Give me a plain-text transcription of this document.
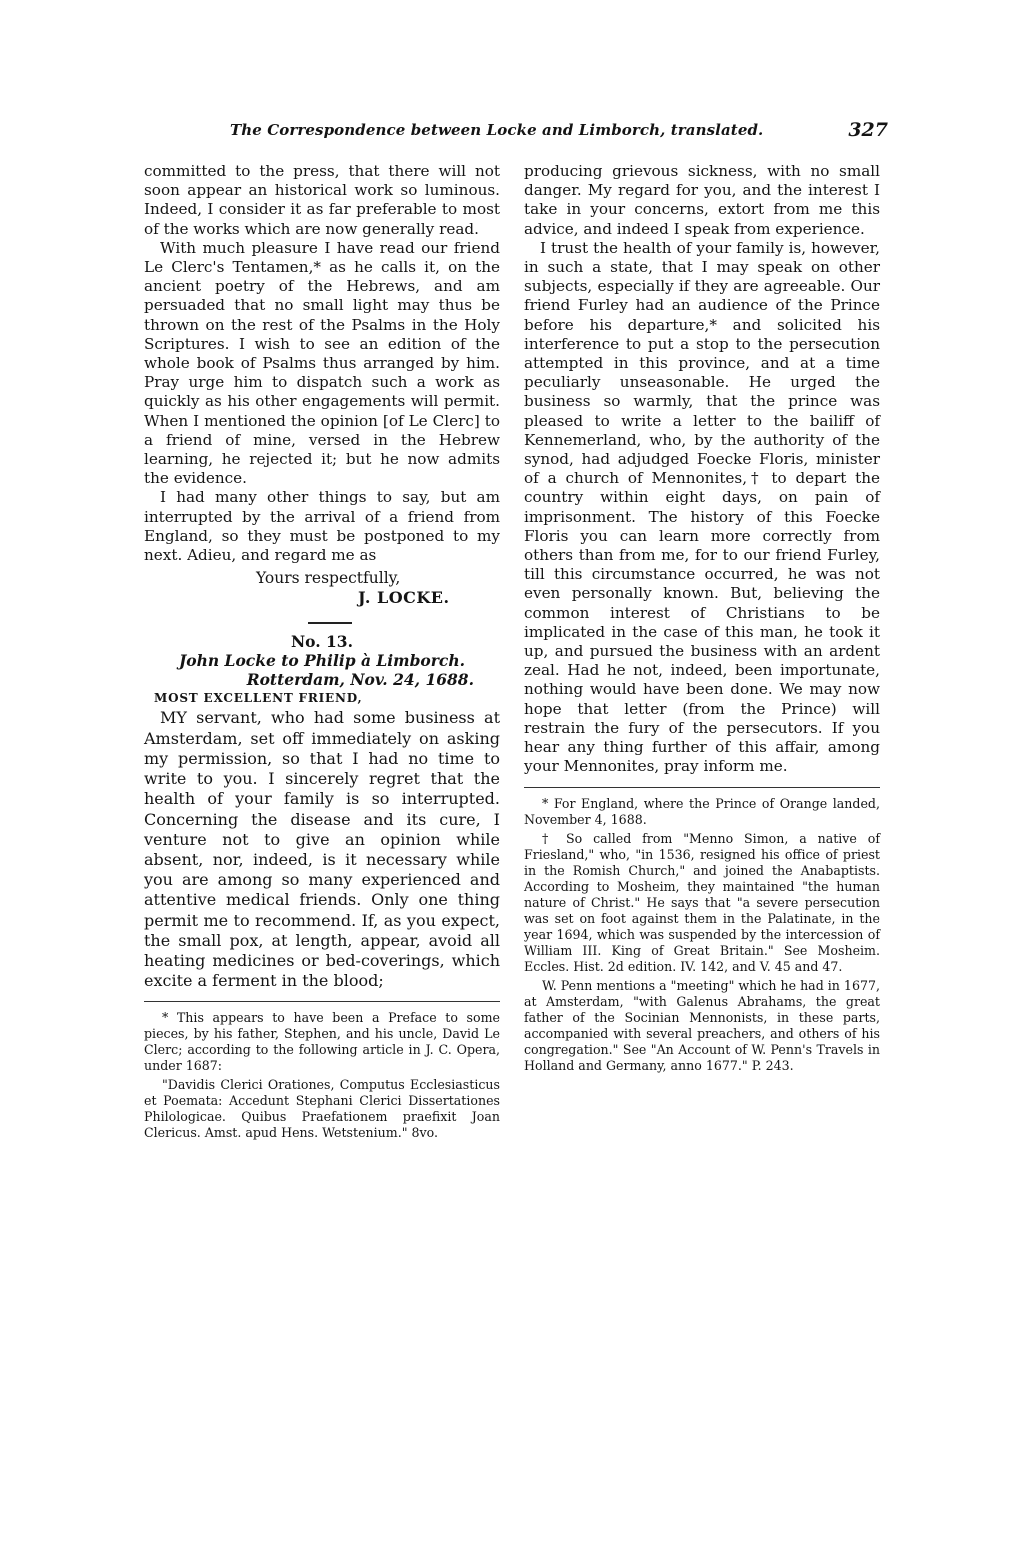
The Correspondence between Locke and Limborch, translated.	327

committed to the press, that there will not soon appear an historical work so luminous. Indeed, I consider it as far preferable to most of the works which are now generally read.

With much pleasure I have read our friend Le Clerc's Tentamen,* as he calls it, on the ancient poetry of the Hebrews, and am persuaded that no small light may thus be thrown on the rest of the Psalms in the Holy Scriptures. I wish to see an edition of the whole book of Psalms thus arranged by him. Pray urge him to dispatch such a work as quickly as his other engagements will permit. When I mentioned the opinion [of Le Clerc] to a friend of mine, versed in the Hebrew learning, he rejected it; but he now admits the evidence.

I had many other things to say, but am interrupted by the arrival of a friend from England, so they must be postponed to my next. Adieu, and regard me as

Yours respectfully,

J. LOCKE.

No. 13.

John Locke to Philip à Limborch.

Rotterdam, Nov. 24, 1688.

MOST EXCELLENT FRIEND,

MY servant, who had some business at Amsterdam, set off immediately on asking my permission, so that I had no time to write to you. I sincerely regret that the health of your family is so interrupted. Concerning the disease and its cure, I venture not to give an opinion while absent, nor, indeed, is it necessary while you are among so many experienced and attentive medical friends. Only one thing permit me to recommend. If, as you expect, the small pox, at length, appear, avoid all heating medicines or bed-coverings, which excite a ferment in the blood;

* This appears to have been a Preface to some pieces, by his father, Stephen, and his uncle, David Le Clerc; according to the following article in J. C. Opera, under 1687:

"Davidis Clerici Orationes, Computus Ecclesiasticus et Poemata: Accedunt Stephani Clerici Dissertationes Philologicae. Quibus Praefationem praefixit Joan Clericus. Amst. apud Hens. Wetstenium." 8vo.

producing grievous sickness, with no small danger. My regard for you, and the interest I take in your concerns, extort from me this advice, and indeed I speak from experience.

I trust the health of your family is, however, in such a state, that I may speak on other subjects, especially if they are agreeable. Our friend Furley had an audience of the Prince before his departure,* and solicited his interference to put a stop to the persecution attempted in this province, and at a time peculiarly unseasonable. He urged the business so warmly, that the prince was pleased to write a letter to the bailiff of Kennemerland, who, by the authority of the synod, had adjudged Foecke Floris, minister of a church of Mennonites,† to depart the country within eight days, on pain of imprisonment. The history of this Foecke Floris you can learn more correctly from others than from me, for to our friend Furley, till this circumstance occurred, he was not even personally known. But, believing the common interest of Christians to be implicated in the case of this man, he took it up, and pursued the business with an ardent zeal. Had he not, indeed, been importunate, nothing would have been done. We may now hope that letter (from the Prince) will restrain the fury of the persecutors. If you hear any thing further of this affair, among your Mennonites, pray inform me.

* For England, where the Prince of Orange landed, November 4, 1688.

† So called from "Menno Simon, a native of Friesland," who, "in 1536, resigned his office of priest in the Romish Church," and joined the Anabaptists. According to Mosheim, they maintained "the human nature of Christ." He says that "a severe persecution was set on foot against them in the Palatinate, in the year 1694, which was suspended by the intercession of William III. King of Great Britain." See Mosheim. Eccles. Hist. 2d edition. IV. 142, and V. 45 and 47.

W. Penn mentions a "meeting" which he had in 1677, at Amsterdam, "with Galenus Abrahams, the great father of the Socinian Mennonists, in these parts, accompanied with several preachers, and others of his congregation." See "An Account of W. Penn's Travels in Holland and Germany, anno 1677." P. 243.
